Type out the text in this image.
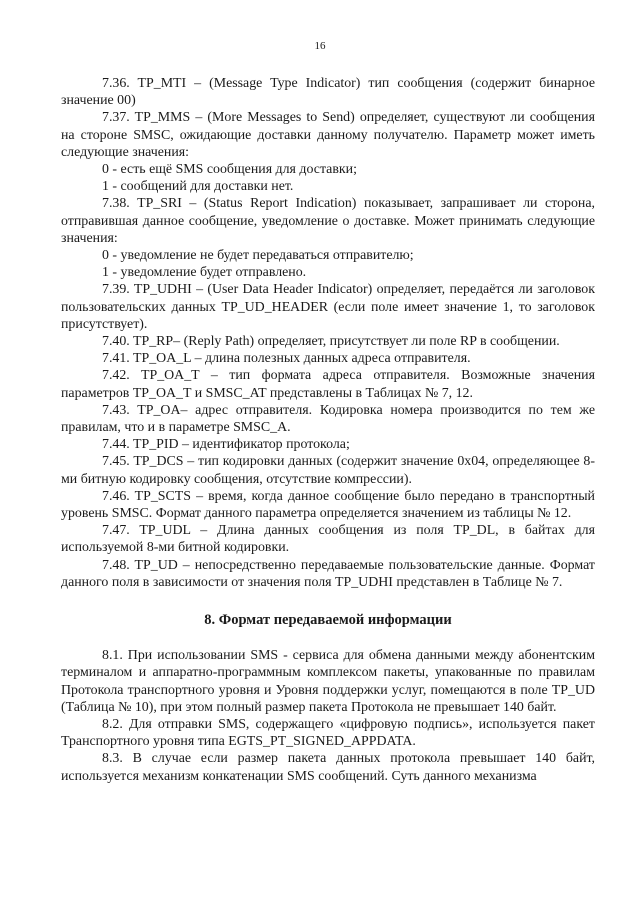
16

7.36. TP_MTI – (Message Type Indicator) тип сообщения (содержит бинарное значение 00)

7.37. TP_MMS – (More Messages to Send) определяет, существуют ли сообщения на стороне SMSC, ожидающие доставки данному получателю. Параметр может иметь следующие значения:

0 - есть ещё SMS сообщения для доставки;

1 - сообщений для доставки нет.

7.38. TP_SRI – (Status Report Indication) показывает, запрашивает ли сторона, отправившая данное сообщение, уведомление о доставке. Может принимать следующие значения:

0 - уведомление не будет передаваться отправителю;

1 - уведомление будет отправлено.

7.39. TP_UDHI – (User Data Header Indicator) определяет, передаётся ли заголовок пользовательских данных TP_UD_HEADER (если поле имеет значение 1, то заголовок присутствует).

7.40. TP_RP– (Reply Path) определяет, присутствует ли поле RP в сообщении.

7.41. TP_OA_L – длина полезных данных адреса отправителя.

7.42. TP_OA_T – тип формата адреса отправителя. Возможные значения параметров TP_OA_T и SMSC_AT представлены в Таблицах № 7, 12.

7.43. TP_OA– адрес отправителя. Кодировка номера производится по тем же правилам, что и в параметре SMSC_A.

7.44. TP_PID – идентификатор протокола;

7.45. TP_DCS – тип кодировки данных (содержит значение 0x04, определяющее 8-ми битную кодировку сообщения, отсутствие компрессии).

7.46. TP_SCTS – время, когда данное сообщение было передано в транспортный уровень SMSC. Формат данного параметра определяется значением из таблицы № 12.

7.47. TP_UDL – Длина данных сообщения из поля TP_DL, в байтах для используемой 8-ми битной кодировки.

7.48. TP_UD – непосредственно передаваемые пользовательские данные. Формат данного поля в зависимости от значения поля TP_UDHI представлен в Таблице № 7.

8. Формат передаваемой информации

8.1. При использовании SMS - сервиса для обмена данными между абонентским терминалом и аппаратно-программным комплексом пакеты, упакованные по правилам Протокола транспортного уровня и Уровня поддержки услуг, помещаются в поле TP_UD (Таблица № 10), при этом полный размер пакета Протокола не превышает 140 байт.

8.2. Для отправки SMS, содержащего «цифровую подпись», используется пакет Транспортного уровня типа EGTS_PT_SIGNED_APPDATA.

8.3. В случае если размер пакета данных протокола превышает 140 байт, используется механизм конкатенации SMS сообщений. Суть данного механизма
